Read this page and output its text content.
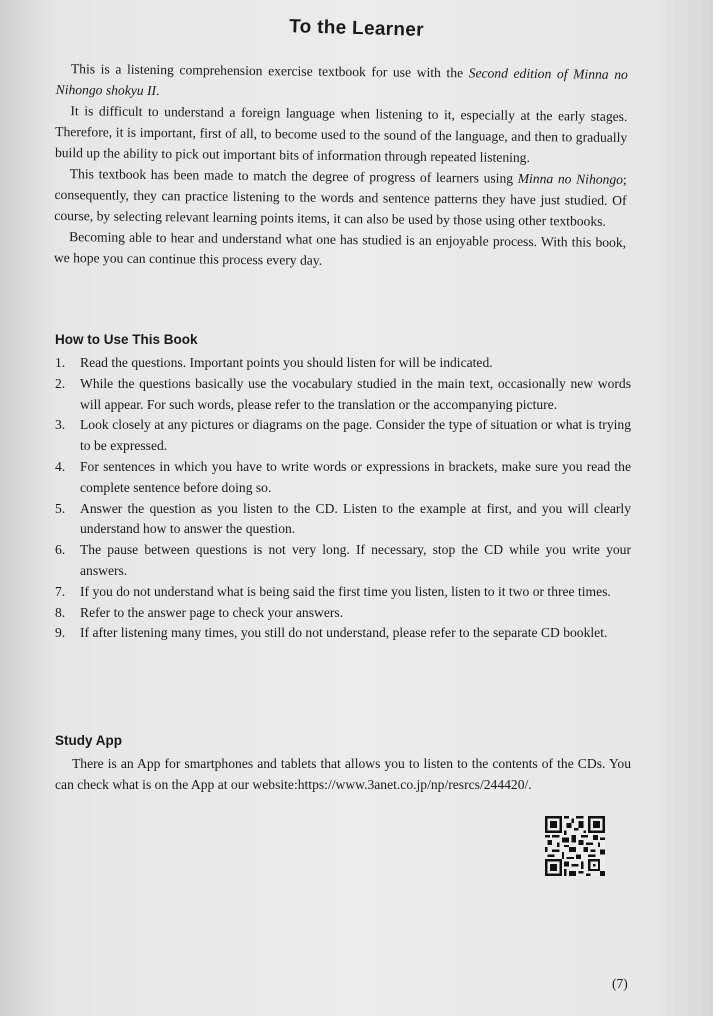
To the Learner

This is a listening comprehension exercise textbook for use with the Second edition of Minna no Nihongo shokyu II.

It is difficult to understand a foreign language when listening to it, especially at the early stages. Therefore, it is important, first of all, to become used to the sound of the language, and then to gradually build up the ability to pick out important bits of information through repeated listening.

This textbook has been made to match the degree of progress of learners using Minna no Nihongo; consequently, they can practice listening to the words and sentence patterns they have just studied. Of course, by selecting relevant learning points items, it can also be used by those using other textbooks.

Becoming able to hear and understand what one has studied is an enjoyable process. With this book, we hope you can continue this process every day.

How to Use This Book
1.	Read the questions. Important points you should listen for will be indicated.
2.	While the questions basically use the vocabulary studied in the main text, occasionally new words will appear. For such words, please refer to the translation or the accompanying picture.
3.	Look closely at any pictures or diagrams on the page. Consider the type of situation or what is trying to be expressed.
4.	For sentences in which you have to write words or expressions in brackets, make sure you read the complete sentence before doing so.
5.	Answer the question as you listen to the CD. Listen to the example at first, and you will clearly understand how to answer the question.
6.	The pause between questions is not very long. If necessary, stop the CD while you write your answers.
7.	If you do not understand what is being said the first time you listen, listen to it two or three times.
8.	Refer to the answer page to check your answers.
9.	If after listening many times, you still do not understand, please refer to the separate CD booklet.
Study App

There is an App for smartphones and tablets that allows you to listen to the contents of the CDs. You can check what is on the App at our website:https://www.3anet.co.jp/np/resrcs/244420/.

(7)
